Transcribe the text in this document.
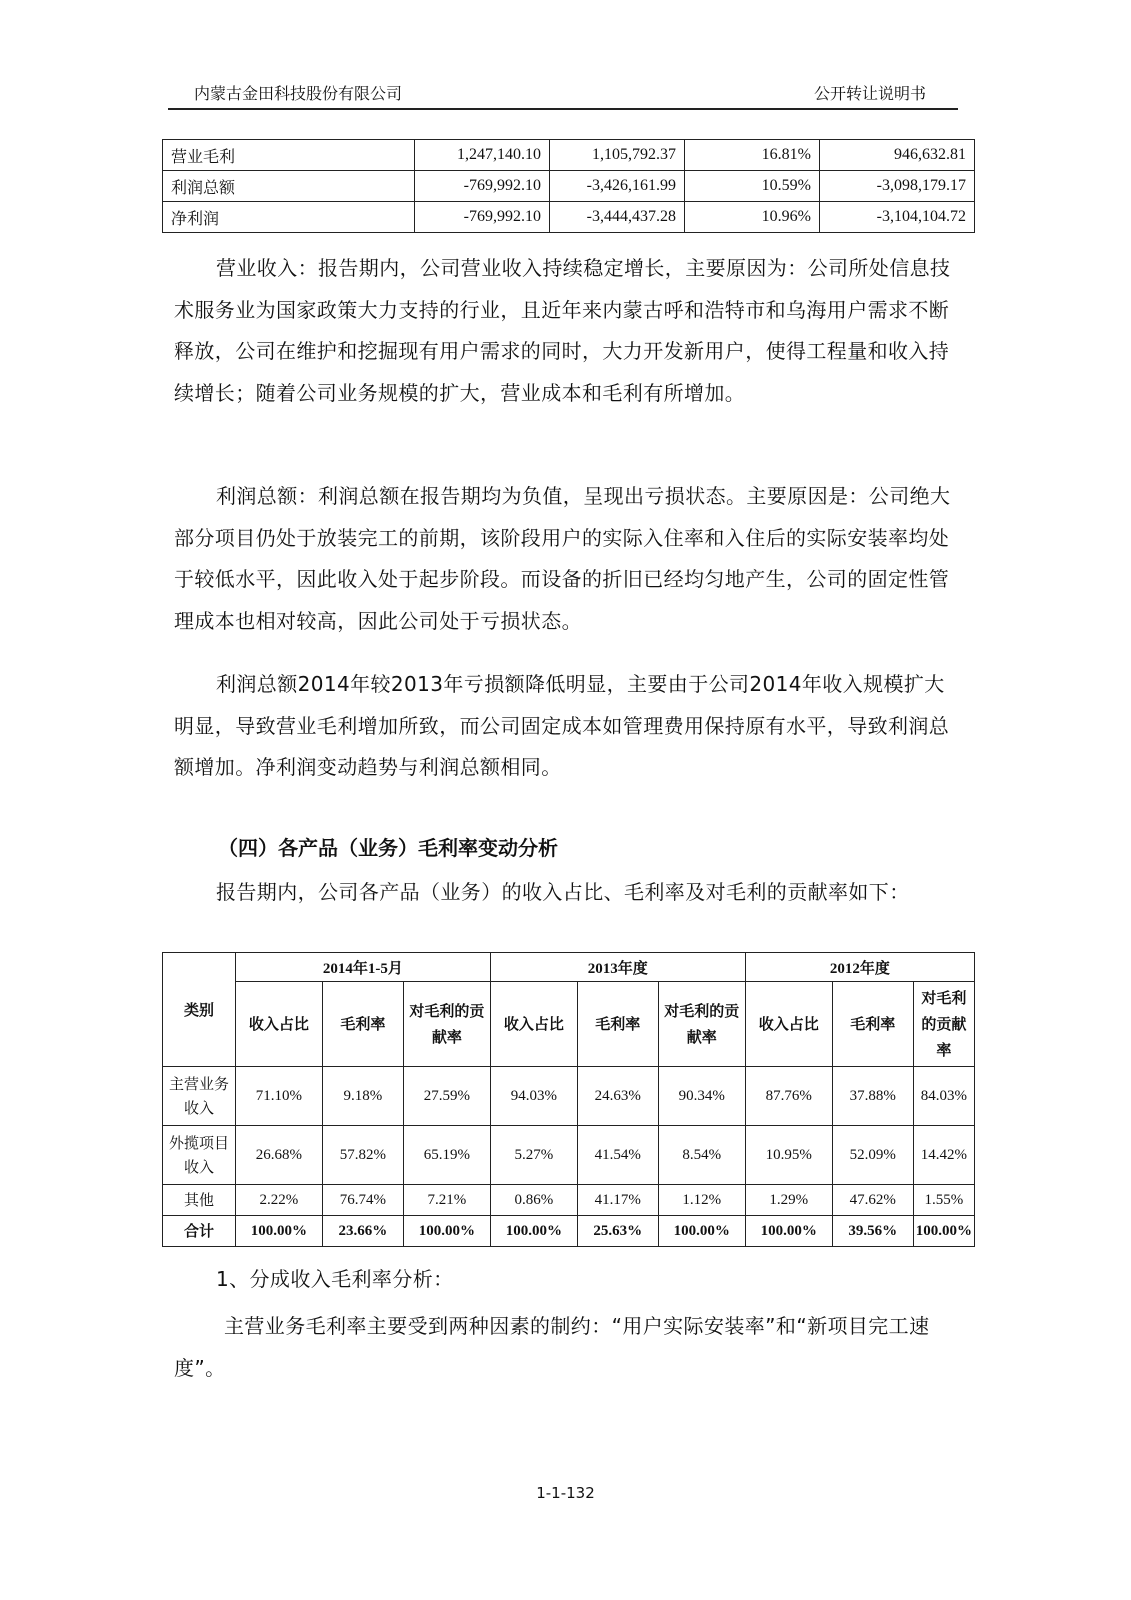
内蒙古金田科技股份有限公司	公开转让说明书
营业毛利	1,247,140.10	1,105,792.37	16.81%	946,632.81
利润总额	-769,992.10	-3,426,161.99	10.59%	-3,098,179.17
净利润	-769,992.10	-3,444,437.28	10.96%	-3,104,104.72

营业收入：报告期内，公司营业收入持续稳定增长，主要原因为：公司所处信息技术服务业为国家政策大力支持的行业，且近年来内蒙古呼和浩特市和乌海用户需求不断释放，公司在维护和挖掘现有用户需求的同时，大力开发新用户，使得工程量和收入持续增长；随着公司业务规模的扩大，营业成本和毛利有所增加。

利润总额：利润总额在报告期均为负值，呈现出亏损状态。主要原因是：公司绝大部分项目仍处于放装完工的前期，该阶段用户的实际入住率和入住后的实际安装率均处于较低水平，因此收入处于起步阶段。而设备的折旧已经均匀地产生，公司的固定性管理成本也相对较高，因此公司处于亏损状态。

利润总额2014年较2013年亏损额降低明显，主要由于公司2014年收入规模扩大明显，导致营业毛利增加所致，而公司固定成本如管理费用保持原有水平，导致利润总额增加。净利润变动趋势与利润总额相同。

（四）各产品（业务）毛利率变动分析

报告期内，公司各产品（业务）的收入占比、毛利率及对毛利的贡献率如下：

类别	2014年1-5月			2013年度			2012年度		
	收入占比	毛利率	对毛利的贡献率	收入占比	毛利率	对毛利的贡献率	收入占比	毛利率	对毛利的贡献率
主营业务收入	71.10%	9.18%	27.59%	94.03%	24.63%	90.34%	87.76%	37.88%	84.03%
外揽项目收入	26.68%	57.82%	65.19%	5.27%	41.54%	8.54%	10.95%	52.09%	14.42%
其他	2.22%	76.74%	7.21%	0.86%	41.17%	1.12%	1.29%	47.62%	1.55%
合计	100.00%	23.66%	100.00%	100.00%	25.63%	100.00%	100.00%	39.56%	100.00%

1、分成收入毛利率分析：

主营业务毛利率主要受到两种因素的制约：“用户实际安装率”和“新项目完工速度”。

1-1-132
